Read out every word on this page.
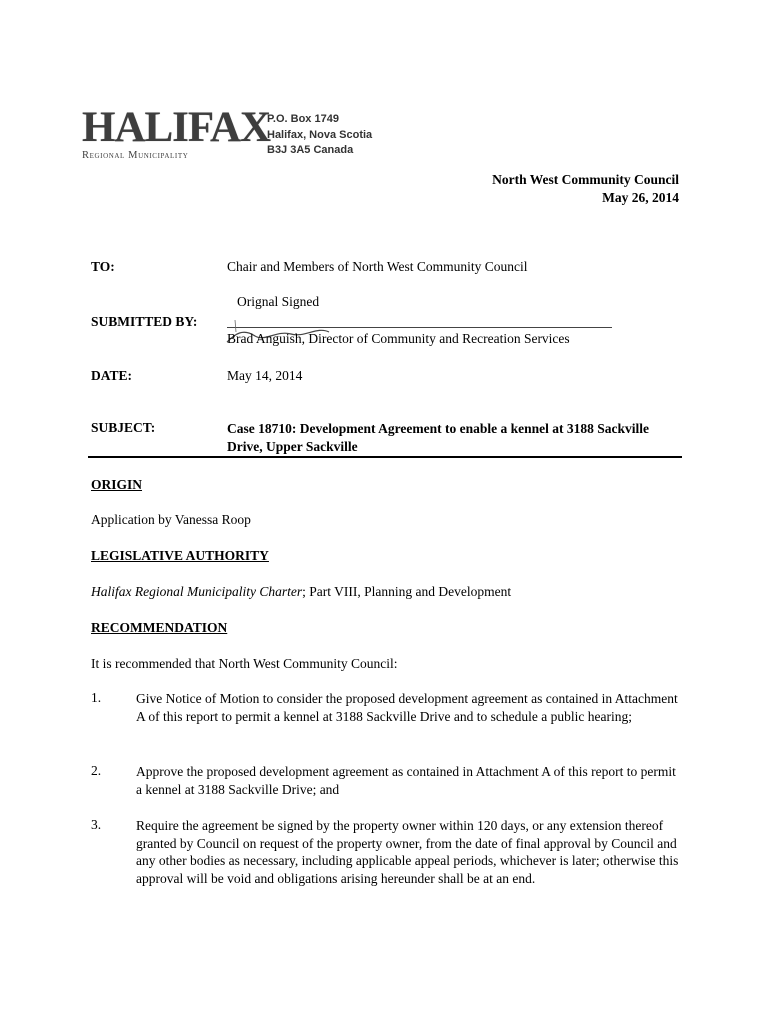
HALIFAX
Regional Municipality
P.O. Box 1749
Halifax, Nova Scotia
B3J 3A5 Canada
North West Community Council
May 26, 2014
TO:	Chair and Members of North West Community Council
Orignal Signed
SUBMITTED BY:
Brad Anguish, Director of Community and Recreation Services
DATE:	May 14, 2014
SUBJECT:	Case 18710: Development Agreement to enable a kennel at 3188 Sackville Drive, Upper Sackville
ORIGIN
Application by Vanessa Roop
LEGISLATIVE AUTHORITY
Halifax Regional Municipality Charter; Part VIII, Planning and Development
RECOMMENDATION
It is recommended that North West Community Council:
1.	Give Notice of Motion to consider the proposed development agreement as contained in Attachment A of this report to permit a kennel at 3188 Sackville Drive and to schedule a public hearing;
2.	Approve the proposed development agreement as contained in Attachment A of this report to permit a kennel at 3188 Sackville Drive; and
3.	Require the agreement be signed by the property owner within 120 days, or any extension thereof granted by Council on request of the property owner, from the date of final approval by Council and any other bodies as necessary, including applicable appeal periods, whichever is later; otherwise this approval will be void and obligations arising hereunder shall be at an end.
